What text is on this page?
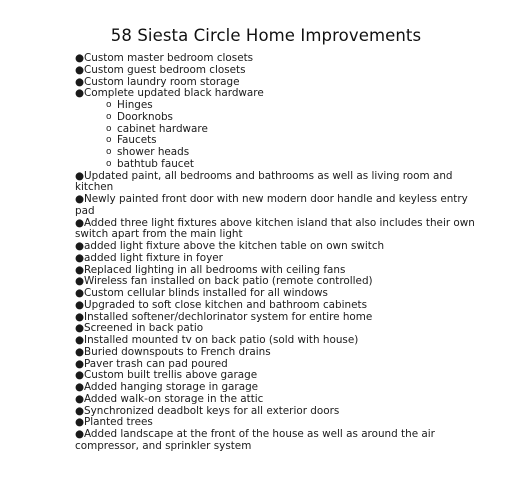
58 Siesta Circle Home Improvements
● Custom master bedroom closets
● Custom guest bedroom closets
● Custom laundry room storage
● Complete updated black hardware
o Hinges
o Doorknobs
o cabinet hardware
o Faucets
o shower heads
o bathtub faucet
● Updated paint, all bedrooms and bathrooms as well as living room and kitchen
● Newly painted front door with new modern door handle and keyless entry pad
● Added three light fixtures above kitchen island that also includes their own switch apart from the main light
● added light fixture above the kitchen table on own switch
● added light fixture in foyer
● Replaced lighting in all bedrooms with ceiling fans
● Wireless fan installed on back patio (remote controlled)
● Custom cellular blinds installed for all windows
● Upgraded to soft close kitchen and bathroom cabinets
● Installed softener/dechlorinator system for entire home
● Screened in back patio
● Installed mounted tv on back patio (sold with house)
● Buried downspouts to French drains
● Paver trash can pad poured
● Custom built trellis above garage
● Added hanging storage in garage
● Added walk-on storage in the attic
● Synchronized deadbolt keys for all exterior doors
● Planted trees
● Added landscape at the front of the house as well as around the air compressor, and sprinkler system
